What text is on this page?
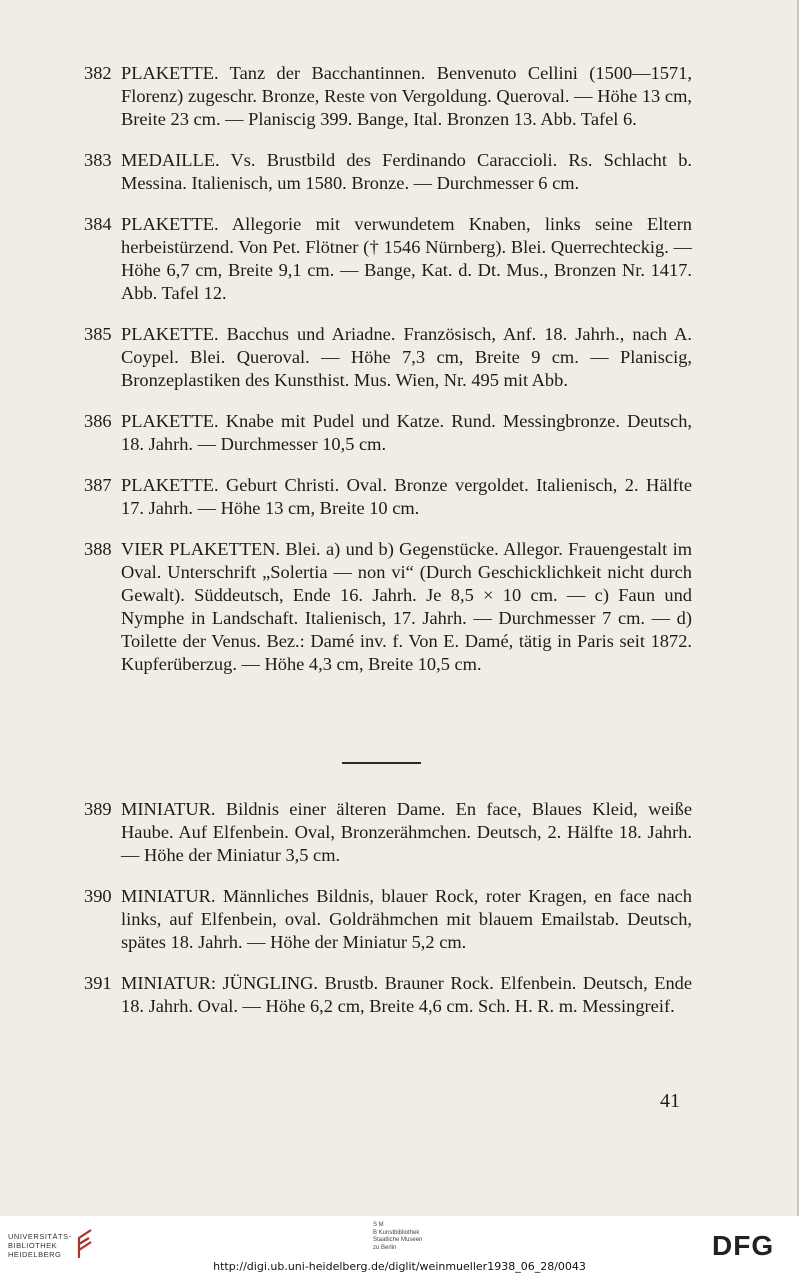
382 PLAKETTE. Tanz der Bacchantinnen. Benvenuto Cellini (1500—1571, Florenz) zugeschr. Bronze, Reste von Vergoldung. Queroval. — Höhe 13 cm, Breite 23 cm. — Planiscig 399. Bange, Ital. Bronzen 13. Abb. Tafel 6.
383 MEDAILLE. Vs. Brustbild des Ferdinando Caraccioli. Rs. Schlacht b. Messina. Italienisch, um 1580. Bronze. — Durchmesser 6 cm.
384 PLAKETTE. Allegorie mit verwundetem Knaben, links seine Eltern herbeistürzend. Von Pet. Flötner († 1546 Nürnberg). Blei. Querrechteckig. — Höhe 6,7 cm, Breite 9,1 cm. — Bange, Kat. d. Dt. Mus., Bronzen Nr. 1417. Abb. Tafel 12.
385 PLAKETTE. Bacchus und Ariadne. Französisch, Anf. 18. Jahrh., nach A. Coypel. Blei. Queroval. — Höhe 7,3 cm, Breite 9 cm. — Planiscig, Bronzeplastiken des Kunsthist. Mus. Wien, Nr. 495 mit Abb.
386 PLAKETTE. Knabe mit Pudel und Katze. Rund. Messingbronze. Deutsch, 18. Jahrh. — Durchmesser 10,5 cm.
387 PLAKETTE. Geburt Christi. Oval. Bronze vergoldet. Italienisch, 2. Hälfte 17. Jahrh. — Höhe 13 cm, Breite 10 cm.
388 VIER PLAKETTEN. Blei. a) und b) Gegenstücke. Allegor. Frauengestalt im Oval. Unterschrift „Solertia — non vi“ (Durch Geschicklichkeit nicht durch Gewalt). Süddeutsch, Ende 16. Jahrh. Je 8,5 × 10 cm. — c) Faun und Nymphe in Landschaft. Italienisch, 17. Jahrh. — Durchmesser 7 cm. — d) Toilette der Venus. Bez.: Damé inv. f. Von E. Damé, tätig in Paris seit 1872. Kupferüberzug. — Höhe 4,3 cm, Breite 10,5 cm.
389 MINIATUR. Bildnis einer älteren Dame. En face, Blaues Kleid, weiße Haube. Auf Elfenbein. Oval, Bronzerähmchen. Deutsch, 2. Hälfte 18. Jahrh. — Höhe der Miniatur 3,5 cm.
390 MINIATUR. Männliches Bildnis, blauer Rock, roter Kragen, en face nach links, auf Elfenbein, oval. Goldrähmchen mit blauem Emailstab. Deutsch, spätes 18. Jahrh. — Höhe der Miniatur 5,2 cm.
391 MINIATUR: JÜNGLING. Brustb. Brauner Rock. Elfenbein. Deutsch, Ende 18. Jahrh. Oval. — Höhe 6,2 cm, Breite 4,6 cm. Sch. H. R. m. Messingreif.
41
UNIVERSITÄTS-
BIBLIOTHEK
HEIDELBERG
S M
B Kunstbibliothek
Staatliche Museen
zu Berlin	DFG
http://digi.ub.uni-heidelberg.de/diglit/weinmueller1938_06_28/0043
